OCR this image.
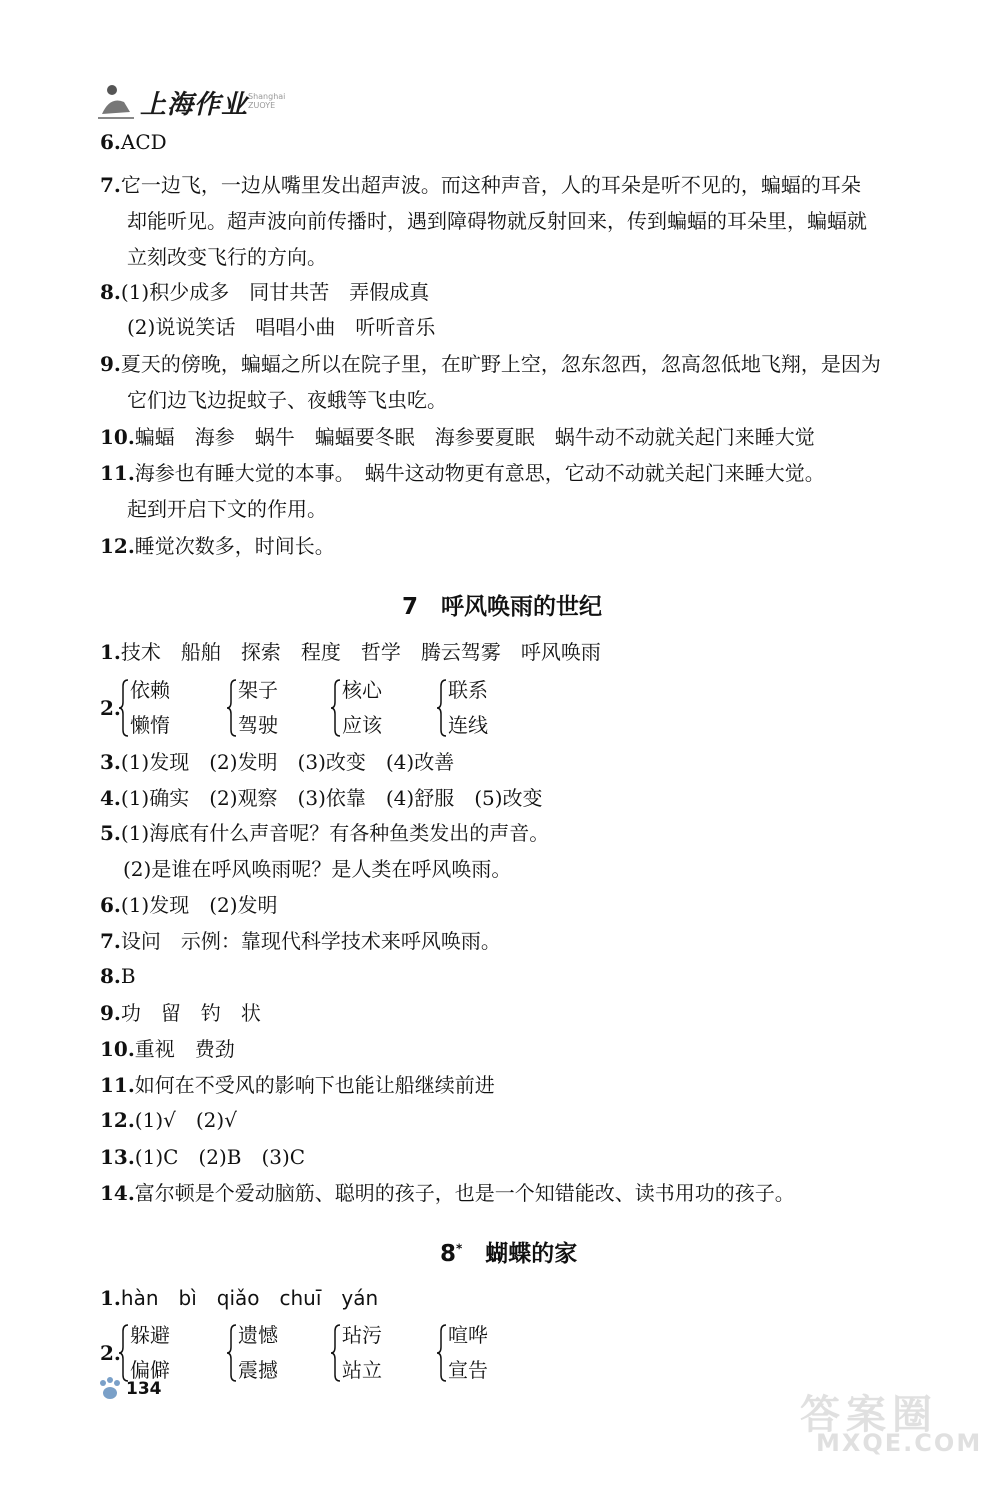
上海作业 Shanghai
ZUOYE
6.ACD
7.它一边飞，一边从嘴里发出超声波。而这种声音，人的耳朵是听不见的，蝙蝠的耳朵
却能听见。超声波向前传播时，遇到障碍物就反射回来，传到蝙蝠的耳朵里，蝙蝠就
立刻改变飞行的方向。
8.(1)积少成多　同甘共苦　弄假成真
(2)说说笑话　唱唱小曲　听听音乐
9.夏天的傍晚，蝙蝠之所以在院子里，在旷野上空，忽东忽西，忽高忽低地飞翔，是因为
它们边飞边捉蚊子、夜蛾等飞虫吃。
10.蝙蝠　海参　蜗牛　蝙蝠要冬眠　海参要夏眠　蜗牛动不动就关起门来睡大觉
11.海参也有睡大觉的本事。　蜗牛这动物更有意思，它动不动就关起门来睡大觉。
起到开启下文的作用。
12.睡觉次数多，时间长。
7　 呼风唤雨的世纪
1.技术　船舶　探索　程度　哲学　腾云驾雾　呼风唤雨
2.
依赖
懒惰
架子
驾驶
核心
应该
联系
连线
3.(1)发现　(2)发明　(3)改变　(4)改善
4.(1)确实　(2)观察　(3)依靠　(4)舒服　(5)改变
5.(1)海底有什么声音呢？有各种鱼类发出的声音。
(2)是谁在呼风唤雨呢？是人类在呼风唤雨。
6.(1)发现　(2)发明
7.设问　示例：靠现代科学技术来呼风唤雨。
8.B
9.功　留　钓　状
10.重视　费劲
11.如何在不受风的影响下也能让船继续前进
12.(1)√　(2)√
13.(1)C　(2)B　(3)C
14.富尔顿是个爱动脑筋、聪明的孩子，也是一个知错能改、读书用功的孩子。
8*　 蝴蝶的家
1.hàn　bì　qiǎo　chuī　yán
2.
躲避
偏僻
遗憾
震撼
玷污
站立
喧哗
宣告
134
答案圈
MXQE.COM
